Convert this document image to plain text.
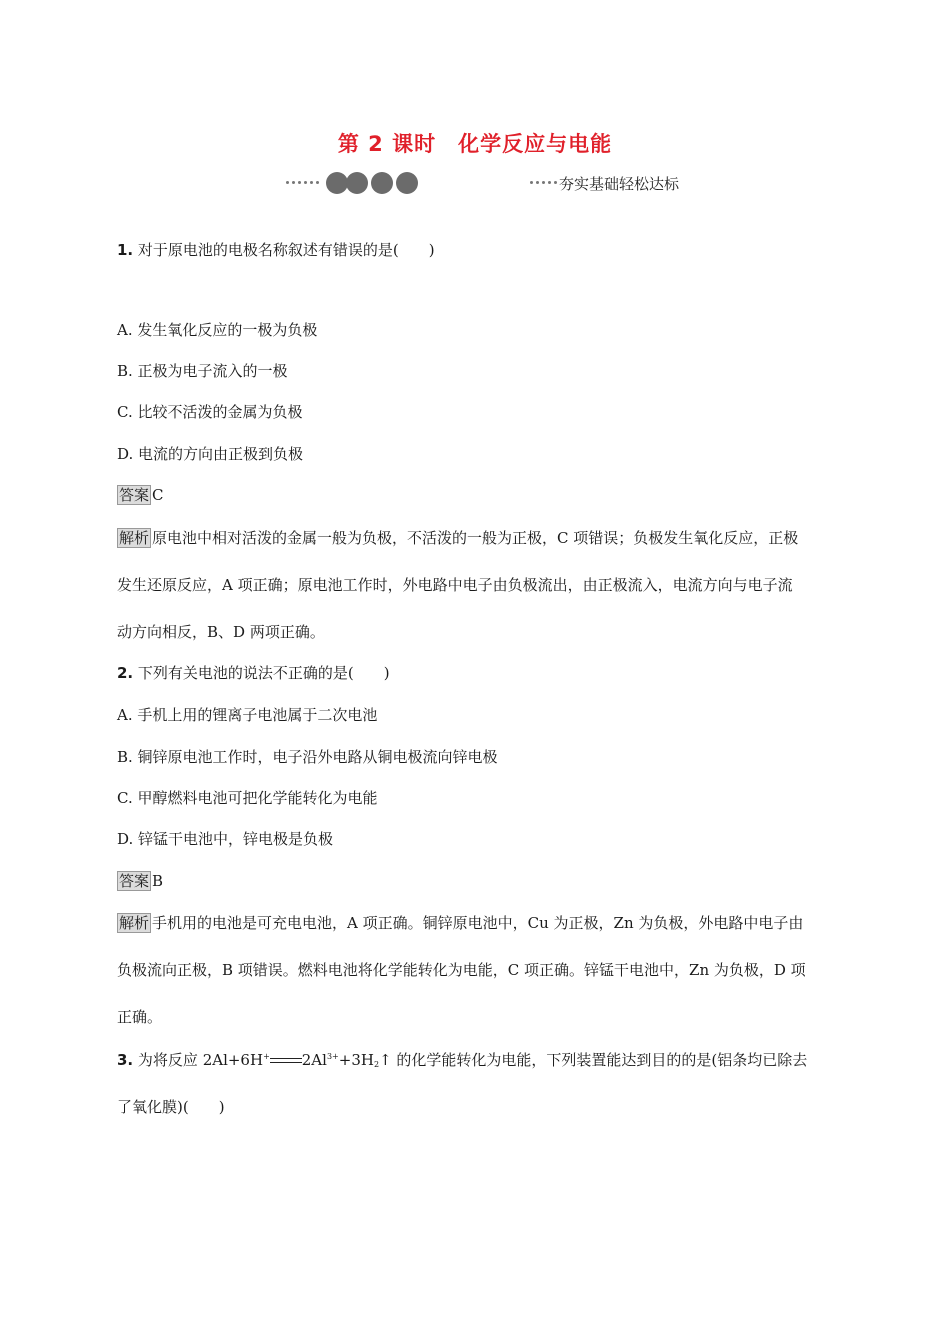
第 2 课时　化学反应与电能
夯实基础轻松达标
1. 对于原电池的电极名称叙述有错误的是(　　)
A. 发生氧化反应的一极为负极
B. 正极为电子流入的一极
C. 比较不活泼的金属为负极
D. 电流的方向由正极到负极
答案 C
解析 原电池中相对活泼的金属一般为负极，不活泼的一般为正极，C 项错误；负极发生氧化反应，正极
发生还原反应，A 项正确；原电池工作时，外电路中电子由负极流出，由正极流入，电流方向与电子流
动方向相反，B、D 两项正确。
2. 下列有关电池的说法不正确的是(　　)
A. 手机上用的锂离子电池属于二次电池
B. 铜锌原电池工作时，电子沿外电路从铜电极流向锌电极
C. 甲醇燃料电池可把化学能转化为电能
D. 锌锰干电池中，锌电极是负极
答案 B
解析 手机用的电池是可充电电池，A 项正确。铜锌原电池中，Cu 为正极，Zn 为负极，外电路中电子由
负极流向正极，B 项错误。燃料电池将化学能转化为电能，C 项正确。锌锰干电池中，Zn 为负极，D 项
正确。
3. 为将反应 2Al+6H+ $2Al^{3+}+3H_2↑$ 的化学能转化为电能，下列装置能达到目的的是(铝条均已除去
了氧化膜)(　　)
